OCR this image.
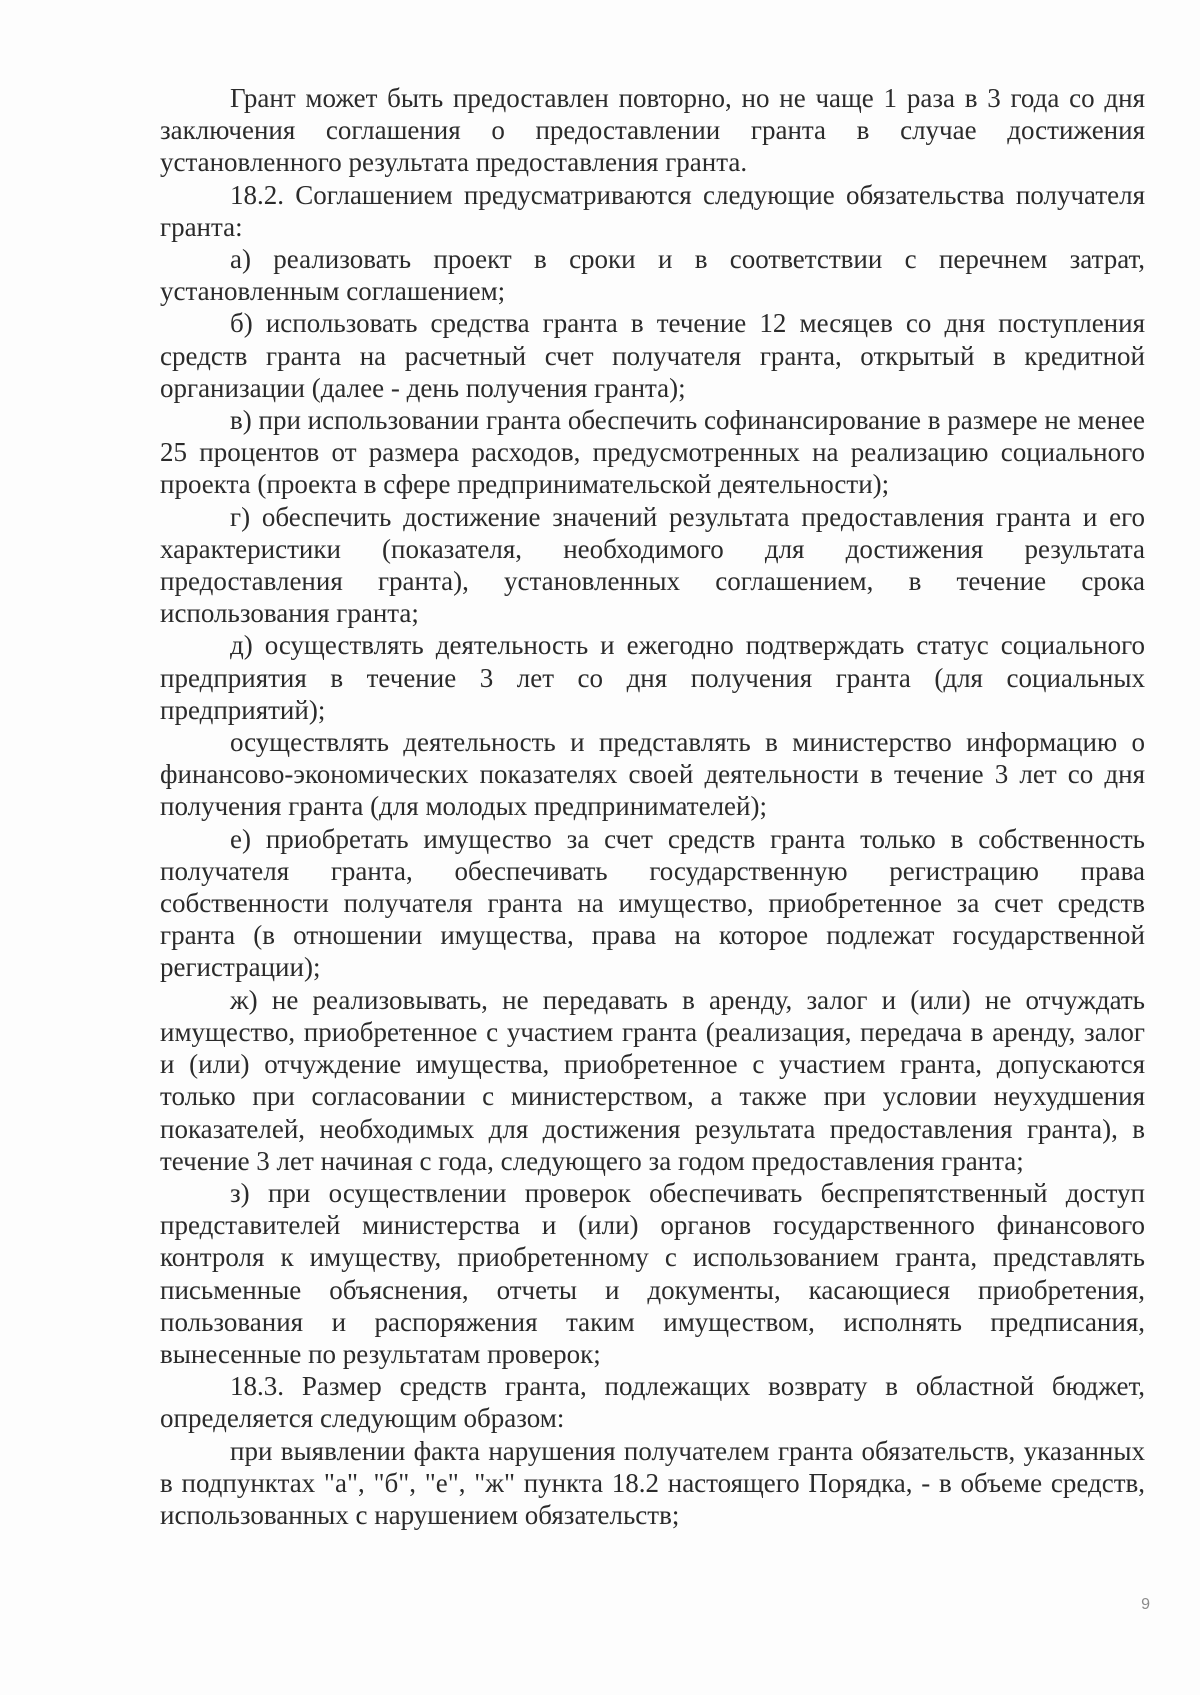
Грант может быть предоставлен повторно, но не чаще 1 раза в 3 года со дня заключения соглашения о предоставлении гранта в случае достижения установленного результата предоставления гранта.

18.2. Соглашением предусматриваются следующие обязательства получателя гранта:

а) реализовать проект в сроки и в соответствии с перечнем затрат, установленным соглашением;

б) использовать средства гранта в течение 12 месяцев со дня поступления средств гранта на расчетный счет получателя гранта, открытый в кредитной организации (далее - день получения гранта);

в) при использовании гранта обеспечить софинансирование в размере не менее 25 процентов от размера расходов, предусмотренных на реализацию социального проекта (проекта в сфере предпринимательской деятельности);

г) обеспечить достижение значений результата предоставления гранта и его характеристики (показателя, необходимого для достижения результата предоставления гранта), установленных соглашением, в течение срока использования гранта;

д) осуществлять деятельность и ежегодно подтверждать статус социального предприятия в течение 3 лет со дня получения гранта (для социальных предприятий);

осуществлять деятельность и представлять в министерство информацию о финансово-экономических показателях своей деятельности в течение 3 лет со дня получения гранта (для молодых предпринимателей);

е) приобретать имущество за счет средств гранта только в собственность получателя гранта, обеспечивать государственную регистрацию права собственности получателя гранта на имущество, приобретенное за счет средств гранта (в отношении имущества, права на которое подлежат государственной регистрации);

ж) не реализовывать, не передавать в аренду, залог и (или) не отчуждать имущество, приобретенное с участием гранта (реализация, передача в аренду, залог и (или) отчуждение имущества, приобретенное с участием гранта, допускаются только при согласовании с министерством, а также при условии неухудшения показателей, необходимых для достижения результата предоставления гранта), в течение 3 лет начиная с года, следующего за годом предоставления гранта;

з) при осуществлении проверок обеспечивать беспрепятственный доступ представителей министерства и (или) органов государственного финансового контроля к имуществу, приобретенному с использованием гранта, представлять письменные объяснения, отчеты и документы, касающиеся приобретения, пользования и распоряжения таким имуществом, исполнять предписания, вынесенные по результатам проверок;

18.3. Размер средств гранта, подлежащих возврату в областной бюджет, определяется следующим образом:

при выявлении факта нарушения получателем гранта обязательств, указанных в подпунктах "а", "б", "е", "ж" пункта 18.2 настоящего Порядка, - в объеме средств, использованных с нарушением обязательств;

9
